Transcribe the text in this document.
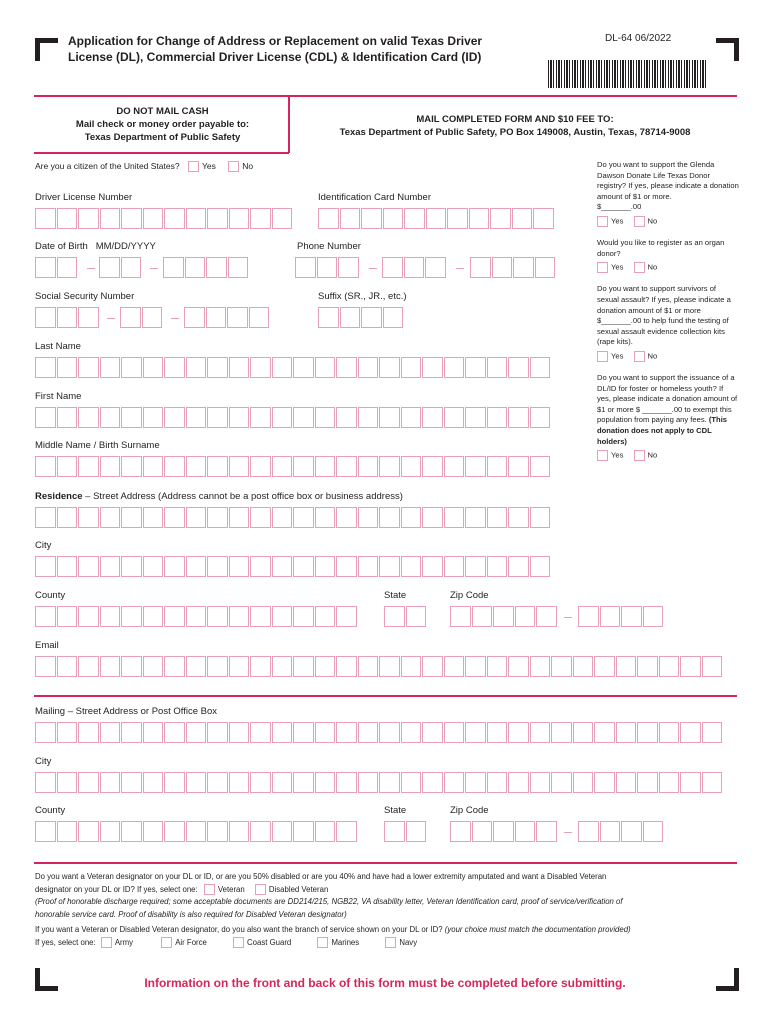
Application for Change of Address or Replacement on valid Texas Driver
License (DL), Commercial Driver License (CDL) & Identification Card (ID)
DL-64 06/2022
DO NOT MAIL CASH
Mail check or money order payable to:
Texas Department of Public Safety
MAIL COMPLETED FORM AND $10 FEE TO:
Texas Department of Public Safety, PO Box 149008, Austin, Texas, 78714-9008
Are you a citizen of the United States?	Yes	No
Driver License Number	Identification Card Number
Date of Birth   MM/DD/YYYY	Phone Number
Social Security Number	Suffix (SR., JR., etc.)
Last Name
First Name
Middle Name / Birth Surname
Residence – Street Address (Address cannot be a post office box or business address)
City
County	State	Zip Code
Email
Mailing – Street Address or Post Office Box
City
County	State	Zip Code
Do you want to support the Glenda Dawson Donate Life Texas Donor registry? If yes, please indicate a donation amount of $1 or more.
$_______.00
Yes	No
Would you like to register as an organ donor?
Yes	No
Do you want to support survivors of sexual assault? If yes, please indicate a donation amount of $1 or more $_______.00 to help fund the testing of sexual assault evidence collection kits (rape kits).
Yes	No
Do you want to support the issuance of a DL/ID for foster or homeless youth? If yes, please indicate a donation amount of $1 or more $ _______.00 to exempt this population from paying any fees. (This donation does not apply to CDL holders)
Yes	No
Do you want a Veteran designator on your DL or ID, or are you 50% disabled or are you 40% and have had a lower extremity amputated and want a Disabled Veteran
designator on your DL or ID? If yes, select one:	Veteran	Disabled Veteran
(Proof of honorable discharge required; some acceptable documents are DD214/215, NGB22, VA disability letter, Veteran Identification card, proof of service/verification of
honorable service card. Proof of disability is also required for Disabled Veteran designator)
If you want a Veteran or Disabled Veteran designator, do you also want the branch of service shown on your DL or ID? (your choice must match the documentation provided)
If yes, select one: Army	Air Force	Coast Guard	Marines	Navy
Information on the front and back of this form must be completed before submitting.
